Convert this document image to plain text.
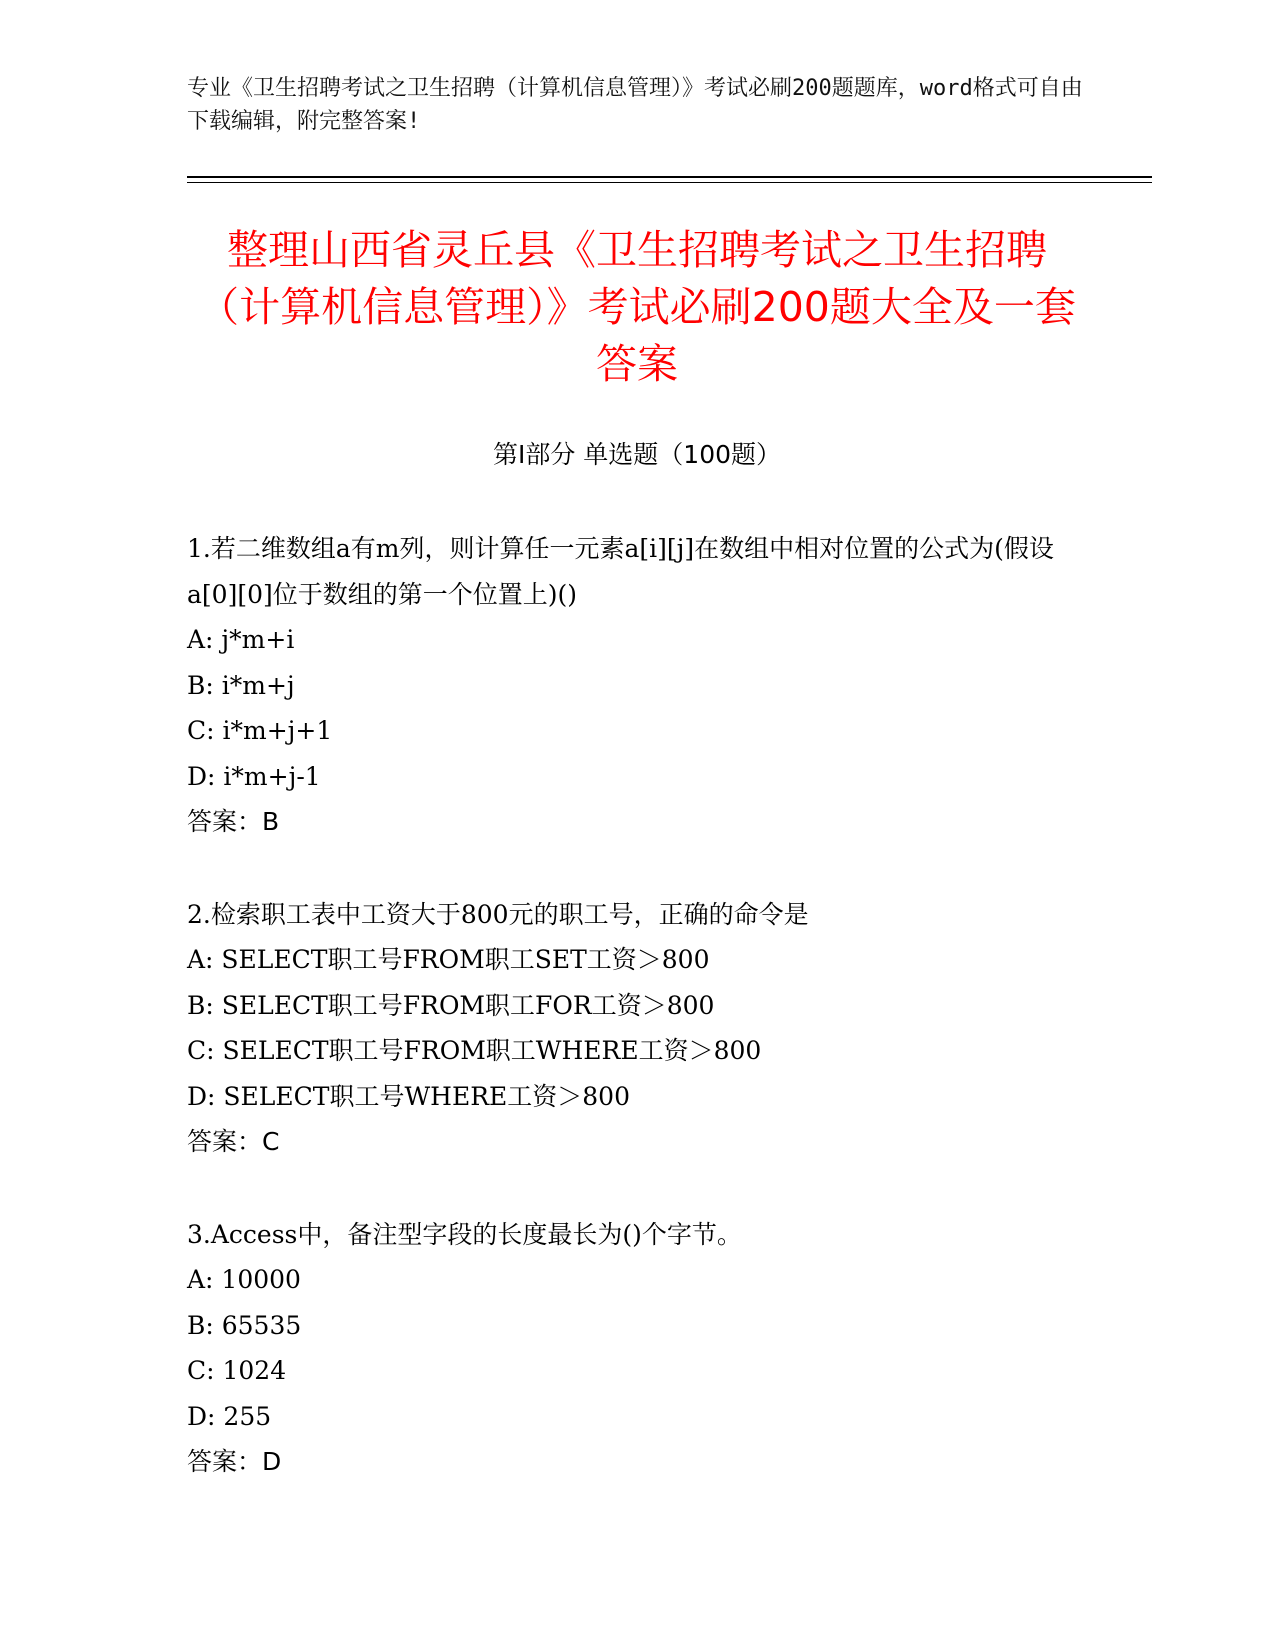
专业《卫生招聘考试之卫生招聘（计算机信息管理）》考试必刷200题题库，word格式可自由下载编辑，附完整答案!
整理山西省灵丘县《卫生招聘考试之卫生招聘（计算机信息管理）》考试必刷200题大全及一套答案
第Ⅰ部分 单选题（100题）

1.若二维数组a有m列，则计算任一元素a[i][j]在数组中相对位置的公式为(假设a[0][0]位于数组的第一个位置上)()

A: j*m+i

B: i*m+j

C: i*m+j+1

D: i*m+j-1

答案：B

2.检索职工表中工资大于800元的职工号，正确的命令是

A: SELECT职工号FROM职工SET工资＞800

B: SELECT职工号FROM职工FOR工资＞800

C: SELECT职工号FROM职工WHERE工资＞800

D: SELECT职工号WHERE工资＞800

答案：C

3.Access中，备注型字段的长度最长为()个字节。

A: 10000

B: 65535

C: 1024

D: 255

答案：D
